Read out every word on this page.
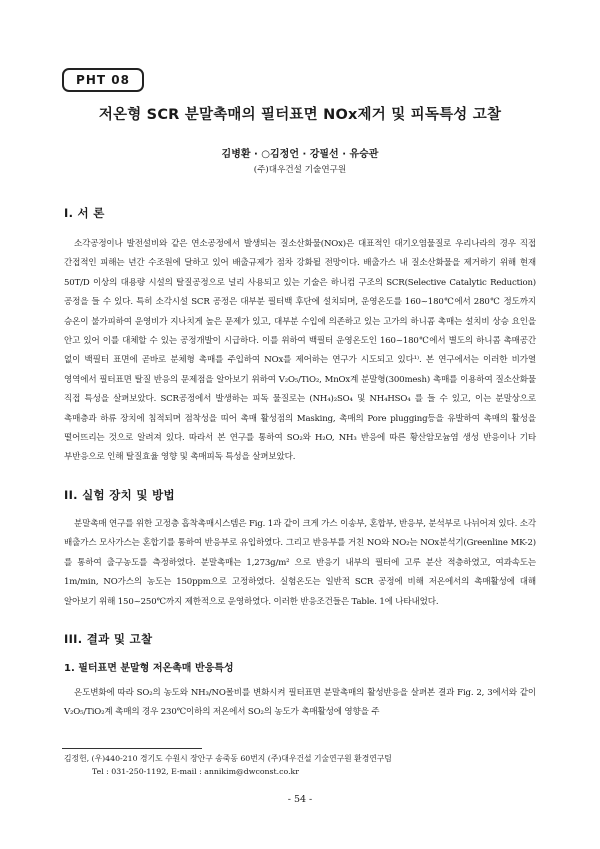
PHT 08
저온형 SCR 분말촉매의 필터표면 NOx제거 및 피독특성 고찰
김병환 · ○김정언 · 강필선 · 유승관
(주)대우건설 기술연구원
I. 서 론

소각공정이나 발전설비와 같은 연소공정에서 발생되는 질소산화물(NOx)은 대표적인 대기오염물질로 우리나라의 경우 직접 간접적인 피해는 년간 수조원에 달하고 있어 배출규제가 점차 강화될 전망이다. 배출가스 내 질소산화물을 제거하기 위해 현재 50T/D 이상의 대용량 시설의 탈질공정으로 널리 사용되고 있는 기술은 하니컴 구조의 SCR(Selective Catalytic Reduction) 공정을 들 수 있다. 특히 소각시설 SCR 공정은 대부분 필터백 후단에 설치되며, 운영온도를 160~180℃에서 280℃ 정도까지 승온이 불가피하여 운영비가 지나치게 높은 문제가 있고, 대부분 수입에 의존하고 있는 고가의 하니콤 촉매는 설치비 상승 요인을 안고 있어 이를 대체할 수 있는 공정개발이 시급하다. 이를 위하여 백필터 운영온도인 160~180℃에서 별도의 하니콤 촉매공간 없이 백필터 표면에 곧바로 분체형 촉매를 주입하여 NOx를 제어하는 연구가 시도되고 있다¹⁾. 본 연구에서는 이러한 비가열 영역에서 필터표면 탈질 반응의 문제점을 알아보기 위하여 V₂O₅/TiO₂, MnOx계 분말형(300mesh) 촉매를 이용하여 질소산화물 직접 특성을 살펴보았다. SCR공정에서 발생하는 피독 물질로는 (NH₄)₂SO₄ 및 NH₄HSO₄ 를 들 수 있고, 이는 분말상으로 촉매층과 하류 장치에 침적되며 점착성을 띠어 촉매 활성점의 Masking, 촉매의 Pore plugging등을 유발하여 촉매의 활성을 떨어뜨리는 것으로 알려져 있다. 따라서 본 연구를 통하여 SO₂와 H₂O, NH₃ 반응에 따른 황산암모늄염 생성 반응이나 기타 부반응으로 인해 탈질효율 영향 및 촉매피독 특성을 살펴보았다.

II. 실험 장치 및 방법

분말촉매 연구를 위한 고정층 흡착촉매시스템은 Fig. 1과 같이 크게 가스 이송부, 혼합부, 반응부, 분석부로 나뉘어져 있다. 소각 배출가스 모사가스는 혼합기를 통하여 반응부로 유입하였다. 그리고 반응부를 거친 NO와 NO₂는 NOx분석기(Greenline MK-2)를 통하여 출구농도를 측정하였다. 분말촉매는 1,273g/m² 으로 반응기 내부의 필터에 고루 분산 적층하였고, 여과속도는 1m/min, NO가스의 농도는 150ppm으로 고정하였다. 실험온도는 일반적 SCR 공정에 비해 저온에서의 촉매활성에 대해 알아보기 위해 150~250℃까지 제한적으로 운영하였다. 이러한 반응조건들은 Table. 1에 나타내었다.

III. 결과 및 고찰
1. 필터표면 분말형 저온촉매 반응특성

온도변화에 따라 SO₂의 농도와 NH₃/NO몰비를 변화시켜 필터표면 분말촉매의 활성반응을 살펴본 결과 Fig. 2, 3에서와 같이 V₂O₅/TiO₂계 촉매의 경우 230℃이하의 저온에서 SO₂의 농도가 촉매활성에 영향을 주

김정헌, (우)440-210 경기도 수원시 장안구 송죽동 60번지 (주)대우건설 기술연구원 환경연구팀
Tel : 031-250-1192, E-mail : annikim@dwconst.co.kr
- 54 -
